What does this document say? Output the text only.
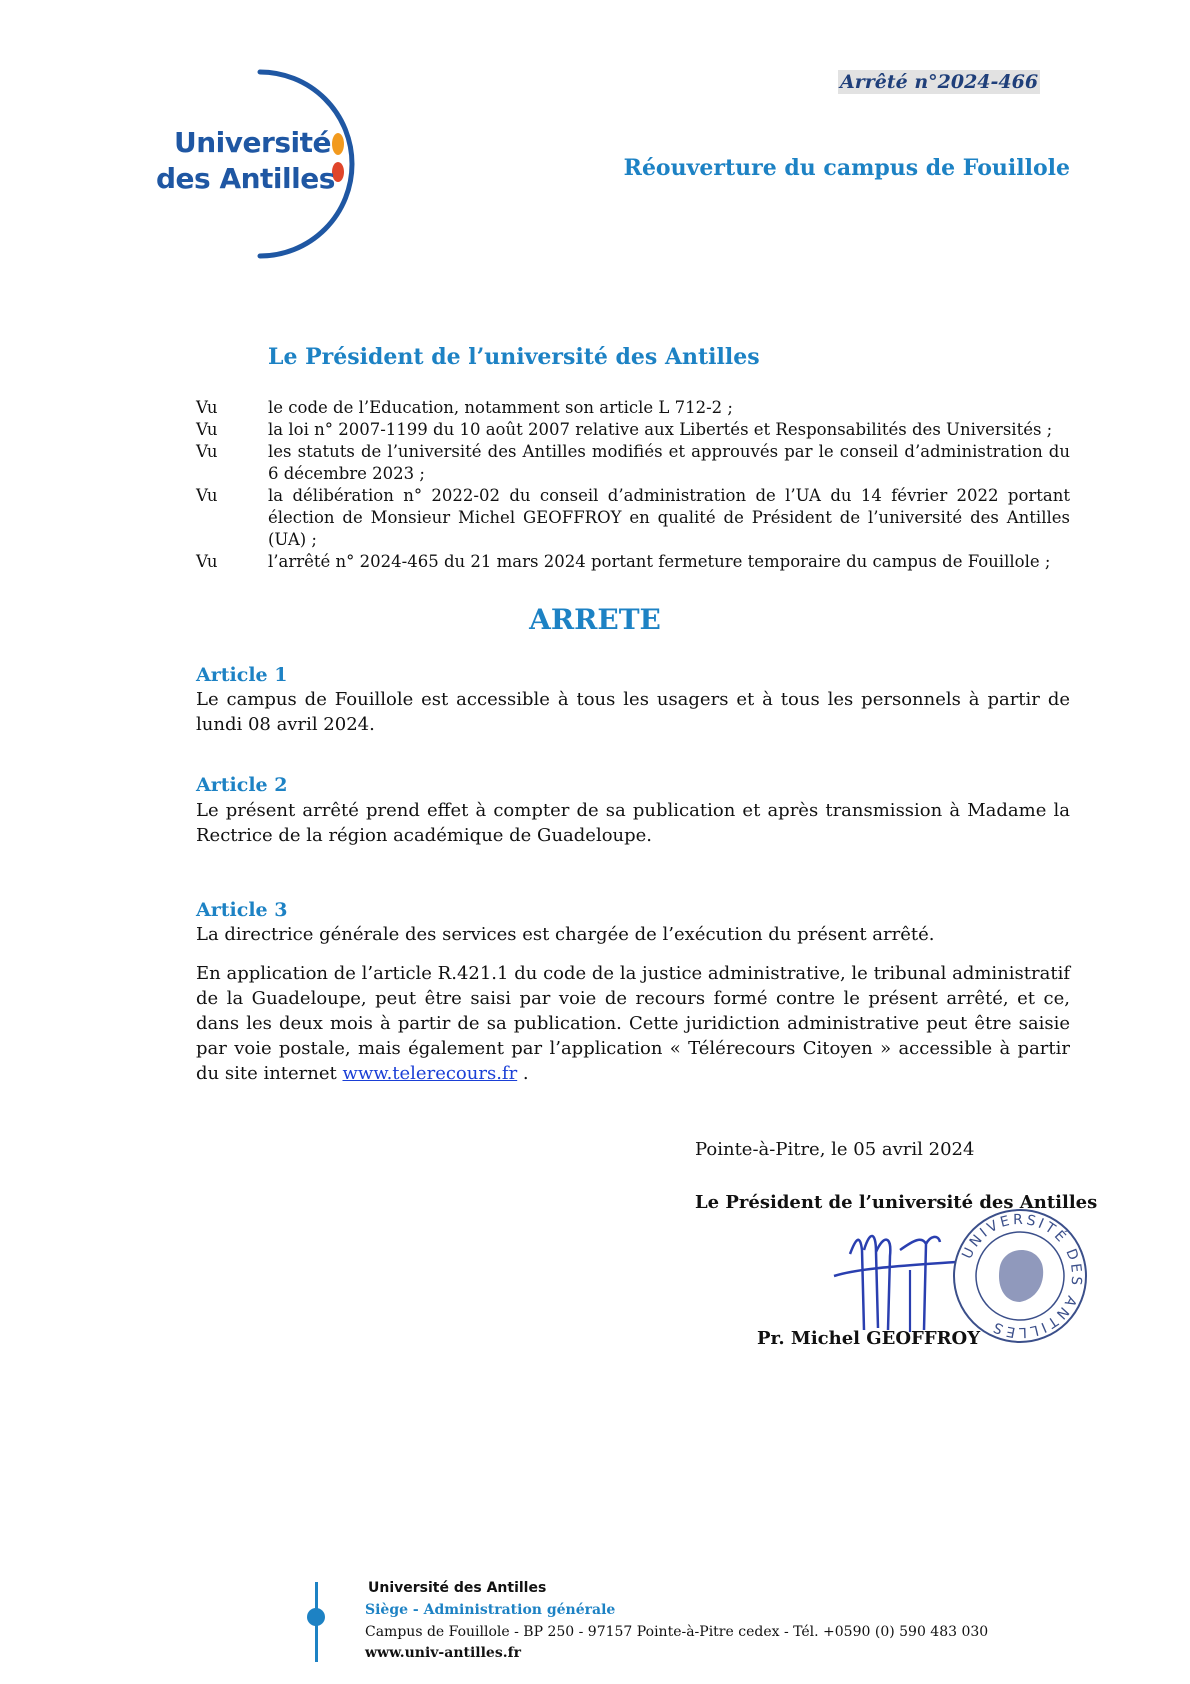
Université
des Antilles
Arrêté n°2024-466
Réouverture du campus de Fouillole
Le Président de l’université des Antilles
Vu	le code de l’Education, notamment son article L 712-2 ;
Vu	la loi n° 2007-1199 du 10 août 2007 relative aux Libertés et Responsabilités des Universités ;
Vu	les statuts de l’université des Antilles modifiés et approuvés par le conseil d’administration du 6 décembre 2023 ;
Vu	la délibération n° 2022-02 du conseil d’administration de l’UA du 14 février 2022 portant élection de Monsieur Michel GEOFFROY en qualité de Président de l’université des Antilles (UA) ;
Vu	l’arrêté n° 2024-465 du 21 mars 2024 portant fermeture temporaire du campus de Fouillole ;
ARRETE
Article 1
Le campus de Fouillole est accessible à tous les usagers et à tous les personnels à partir de lundi 08 avril 2024.
Article 2
Le présent arrêté prend effet à compter de sa publication et après transmission à Madame la Rectrice de la région académique de Guadeloupe.
Article 3
La directrice générale des services est chargée de l’exécution du présent arrêté.
En application de l’article R.421.1 du code de la justice administrative, le tribunal administratif de la Guadeloupe, peut être saisi par voie de recours formé contre le présent arrêté, et ce, dans les deux mois à partir de sa publication. Cette juridiction administrative peut être saisie par voie postale, mais également par l’application « Télérecours Citoyen » accessible à partir du site internet www.telerecours.fr .
Pointe-à-Pitre, le 05 avril 2024
Le Président de l’université des Antilles
UNIVERSITÉ DES ANTILLES
Pr. Michel GEOFFROY
Université des Antilles
Siège - Administration générale
Campus de Fouillole - BP 250 - 97157 Pointe-à-Pitre cedex - Tél. +0590 (0) 590 483 030
www.univ-antilles.fr
